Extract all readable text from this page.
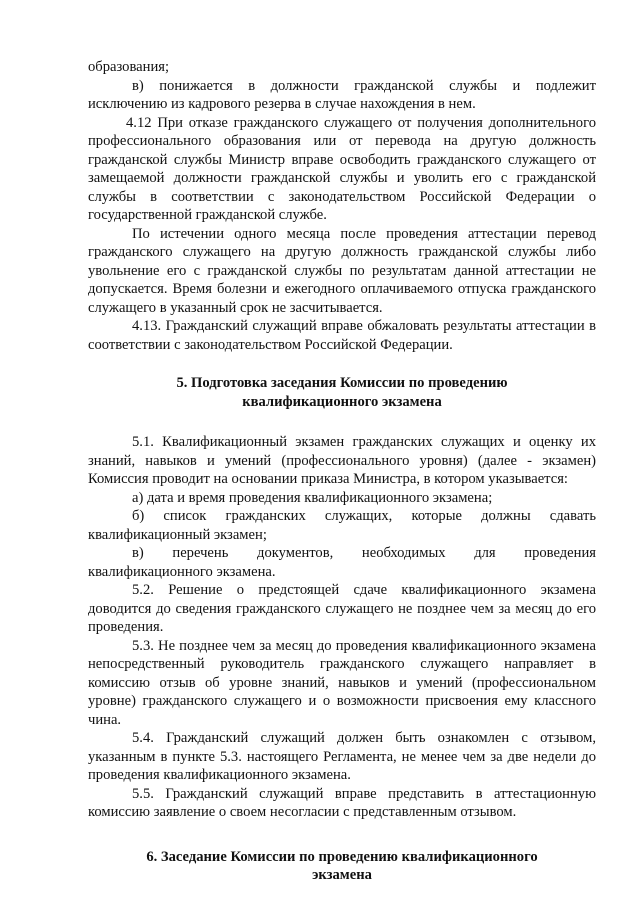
образования;

в) понижается в должности гражданской службы и подлежит исключению из кадрового резерва в случае нахождения в нем.

4.12 При отказе гражданского служащего от получения дополнительного профессионального образования или от перевода на другую должность гражданской службы Министр вправе освободить гражданского служащего от замещаемой должности гражданской службы и уволить его с гражданской службы в соответствии с законодательством Российской Федерации о государственной гражданской службе.

По истечении одного месяца после проведения аттестации перевод гражданского служащего на другую должность гражданской службы либо увольнение его с гражданской службы по результатам данной аттестации не допускается. Время болезни и ежегодного оплачиваемого отпуска гражданского служащего в указанный срок не засчитывается.

4.13. Гражданский служащий вправе обжаловать результаты аттестации в соответствии с законодательством Российской Федерации.

5. Подготовка заседания Комиссии по проведению
квалификационного экзамена

5.1. Квалификационный экзамен гражданских служащих и оценку их знаний, навыков и умений (профессионального уровня) (далее - экзамен) Комиссия проводит на основании приказа Министра, в котором указывается:

а) дата и время проведения квалификационного экзамена;

б) список гражданских служащих, которые должны сдавать квалификационный экзамен;

в) перечень документов, необходимых для проведения квалификационного экзамена.

5.2. Решение о предстоящей сдаче квалификационного экзамена доводится до сведения гражданского служащего не позднее чем за месяц до его проведения.

5.3. Не позднее чем за месяц до проведения квалификационного экзамена непосредственный руководитель гражданского служащего направляет в комиссию отзыв об уровне знаний, навыков и умений (профессиональном уровне) гражданского служащего и о возможности присвоения ему классного чина.

5.4. Гражданский служащий должен быть ознакомлен с отзывом, указанным в пункте 5.3. настоящего Регламента, не менее чем за две недели до проведения квалификационного экзамена.

5.5. Гражданский служащий вправе представить в аттестационную комиссию заявление о своем несогласии с представленным отзывом.

6. Заседание Комиссии по проведению квалификационного
экзамена
